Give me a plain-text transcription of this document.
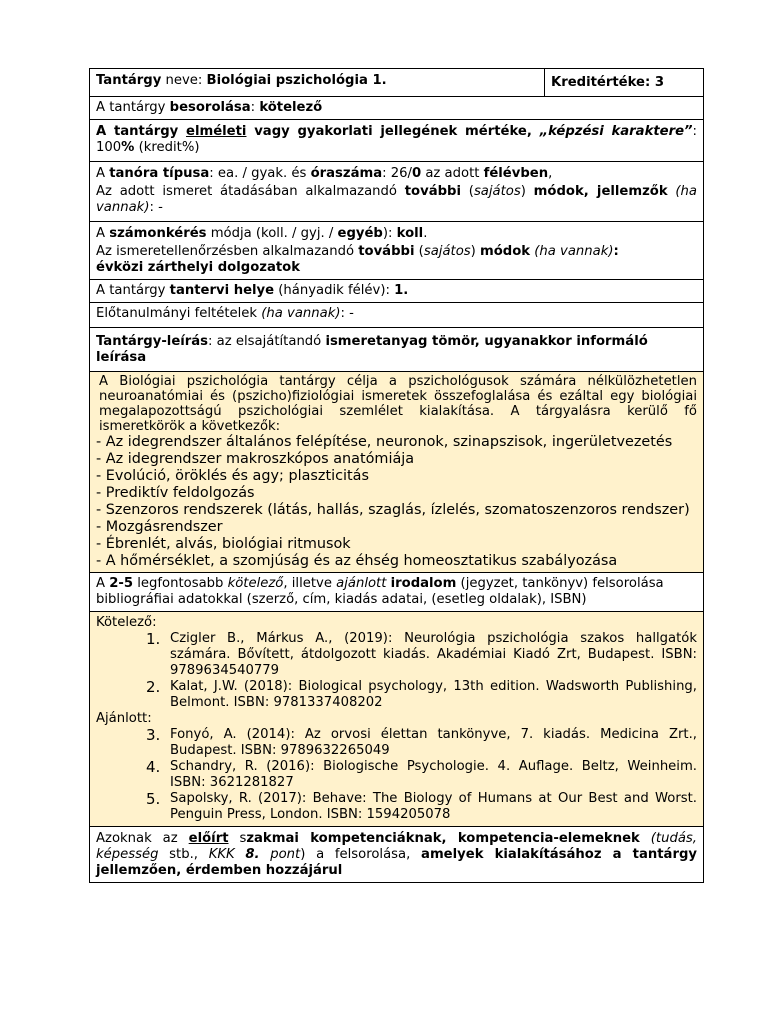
Tantárgy neve: Biológiai pszichológia 1.	Kreditértéke: 3
A tantárgy besorolása: kötelező
A tantárgy elméleti vagy gyakorlati jellegének mértéke, „képzési karaktere”: 100% (kredit%)

A tanóra típusa: ea. / gyak. és óraszáma: 26/0 az adott félévben,

Az adott ismeret átadásában alkalmazandó további (sajátos) módok, jellemzők (ha vannak): -

A számonkérés módja (koll. / gyj. / egyéb): koll.

Az ismeretellenőrzésben alkalmazandó további (sajátos) módok (ha vannak):

évközi zárthelyi dolgozatok

A tantárgy tantervi helye (hányadik félév): 1.
Előtanulmányi feltételek (ha vannak): -
Tantárgy-leírás: az elsajátítandó ismeretanyag tömör, ugyanakkor informáló leírása

A Biológiai pszichológia tantárgy célja a pszichológusok számára nélkülözhetetlen neuroanatómiai és (pszicho)fiziológiai ismeretek összefoglalása és ezáltal egy biológiai megalapozottságú pszichológiai szemlélet kialakítása. A tárgyalásra kerülő fő ismeretkörök a következők:

- Az idegrendszer általános felépítése, neuronok, szinapszisok, ingerületvezetés

- Az idegrendszer makroszkópos anatómiája

- Evolúció, öröklés és agy; plaszticitás

- Prediktív feldolgozás

- Szenzoros rendszerek (látás, hallás, szaglás, ízlelés, szomatoszenzoros rendszer)

- Mozgásrendszer

- Ébrenlét, alvás, biológiai ritmusok

- A hőmérséklet, a szomjúság és az éhség homeosztatikus szabályozása

A 2-5 legfontosabb kötelező, illetve ajánlott irodalom (jegyzet, tankönyv) felsorolása bibliográfiai adatokkal (szerző, cím, kiadás adatai, (esetleg oldalak), ISBN)

Kötelező:

1. Czigler B., Márkus A., (2019): Neurológia pszichológia szakos hallgatók számára. Bővített, átdolgozott kiadás. Akadémiai Kiadó Zrt, Budapest. ISBN: 9789634540779
2. Kalat, J.W. (2018): Biological psychology, 13th edition. Wadsworth Publishing, Belmont. ISBN: 9781337408202

Ajánlott:

3. Fonyó, A. (2014): Az orvosi élettan tankönyve, 7. kiadás. Medicina Zrt., Budapest. ISBN: 9789632265049
4. Schandry, R. (2016): Biologische Psychologie. 4. Auflage. Beltz, Weinheim. ISBN: 3621281827
5. Sapolsky, R. (2017): Behave: The Biology of Humans at Our Best and Worst. Penguin Press, London. ISBN: 1594205078

Azoknak az előírt szakmai kompetenciáknak, kompetencia-elemeknek (tudás, képesség stb., KKK 8. pont) a felsorolása, amelyek kialakításához a tantárgy jellemzően, érdemben hozzájárul
